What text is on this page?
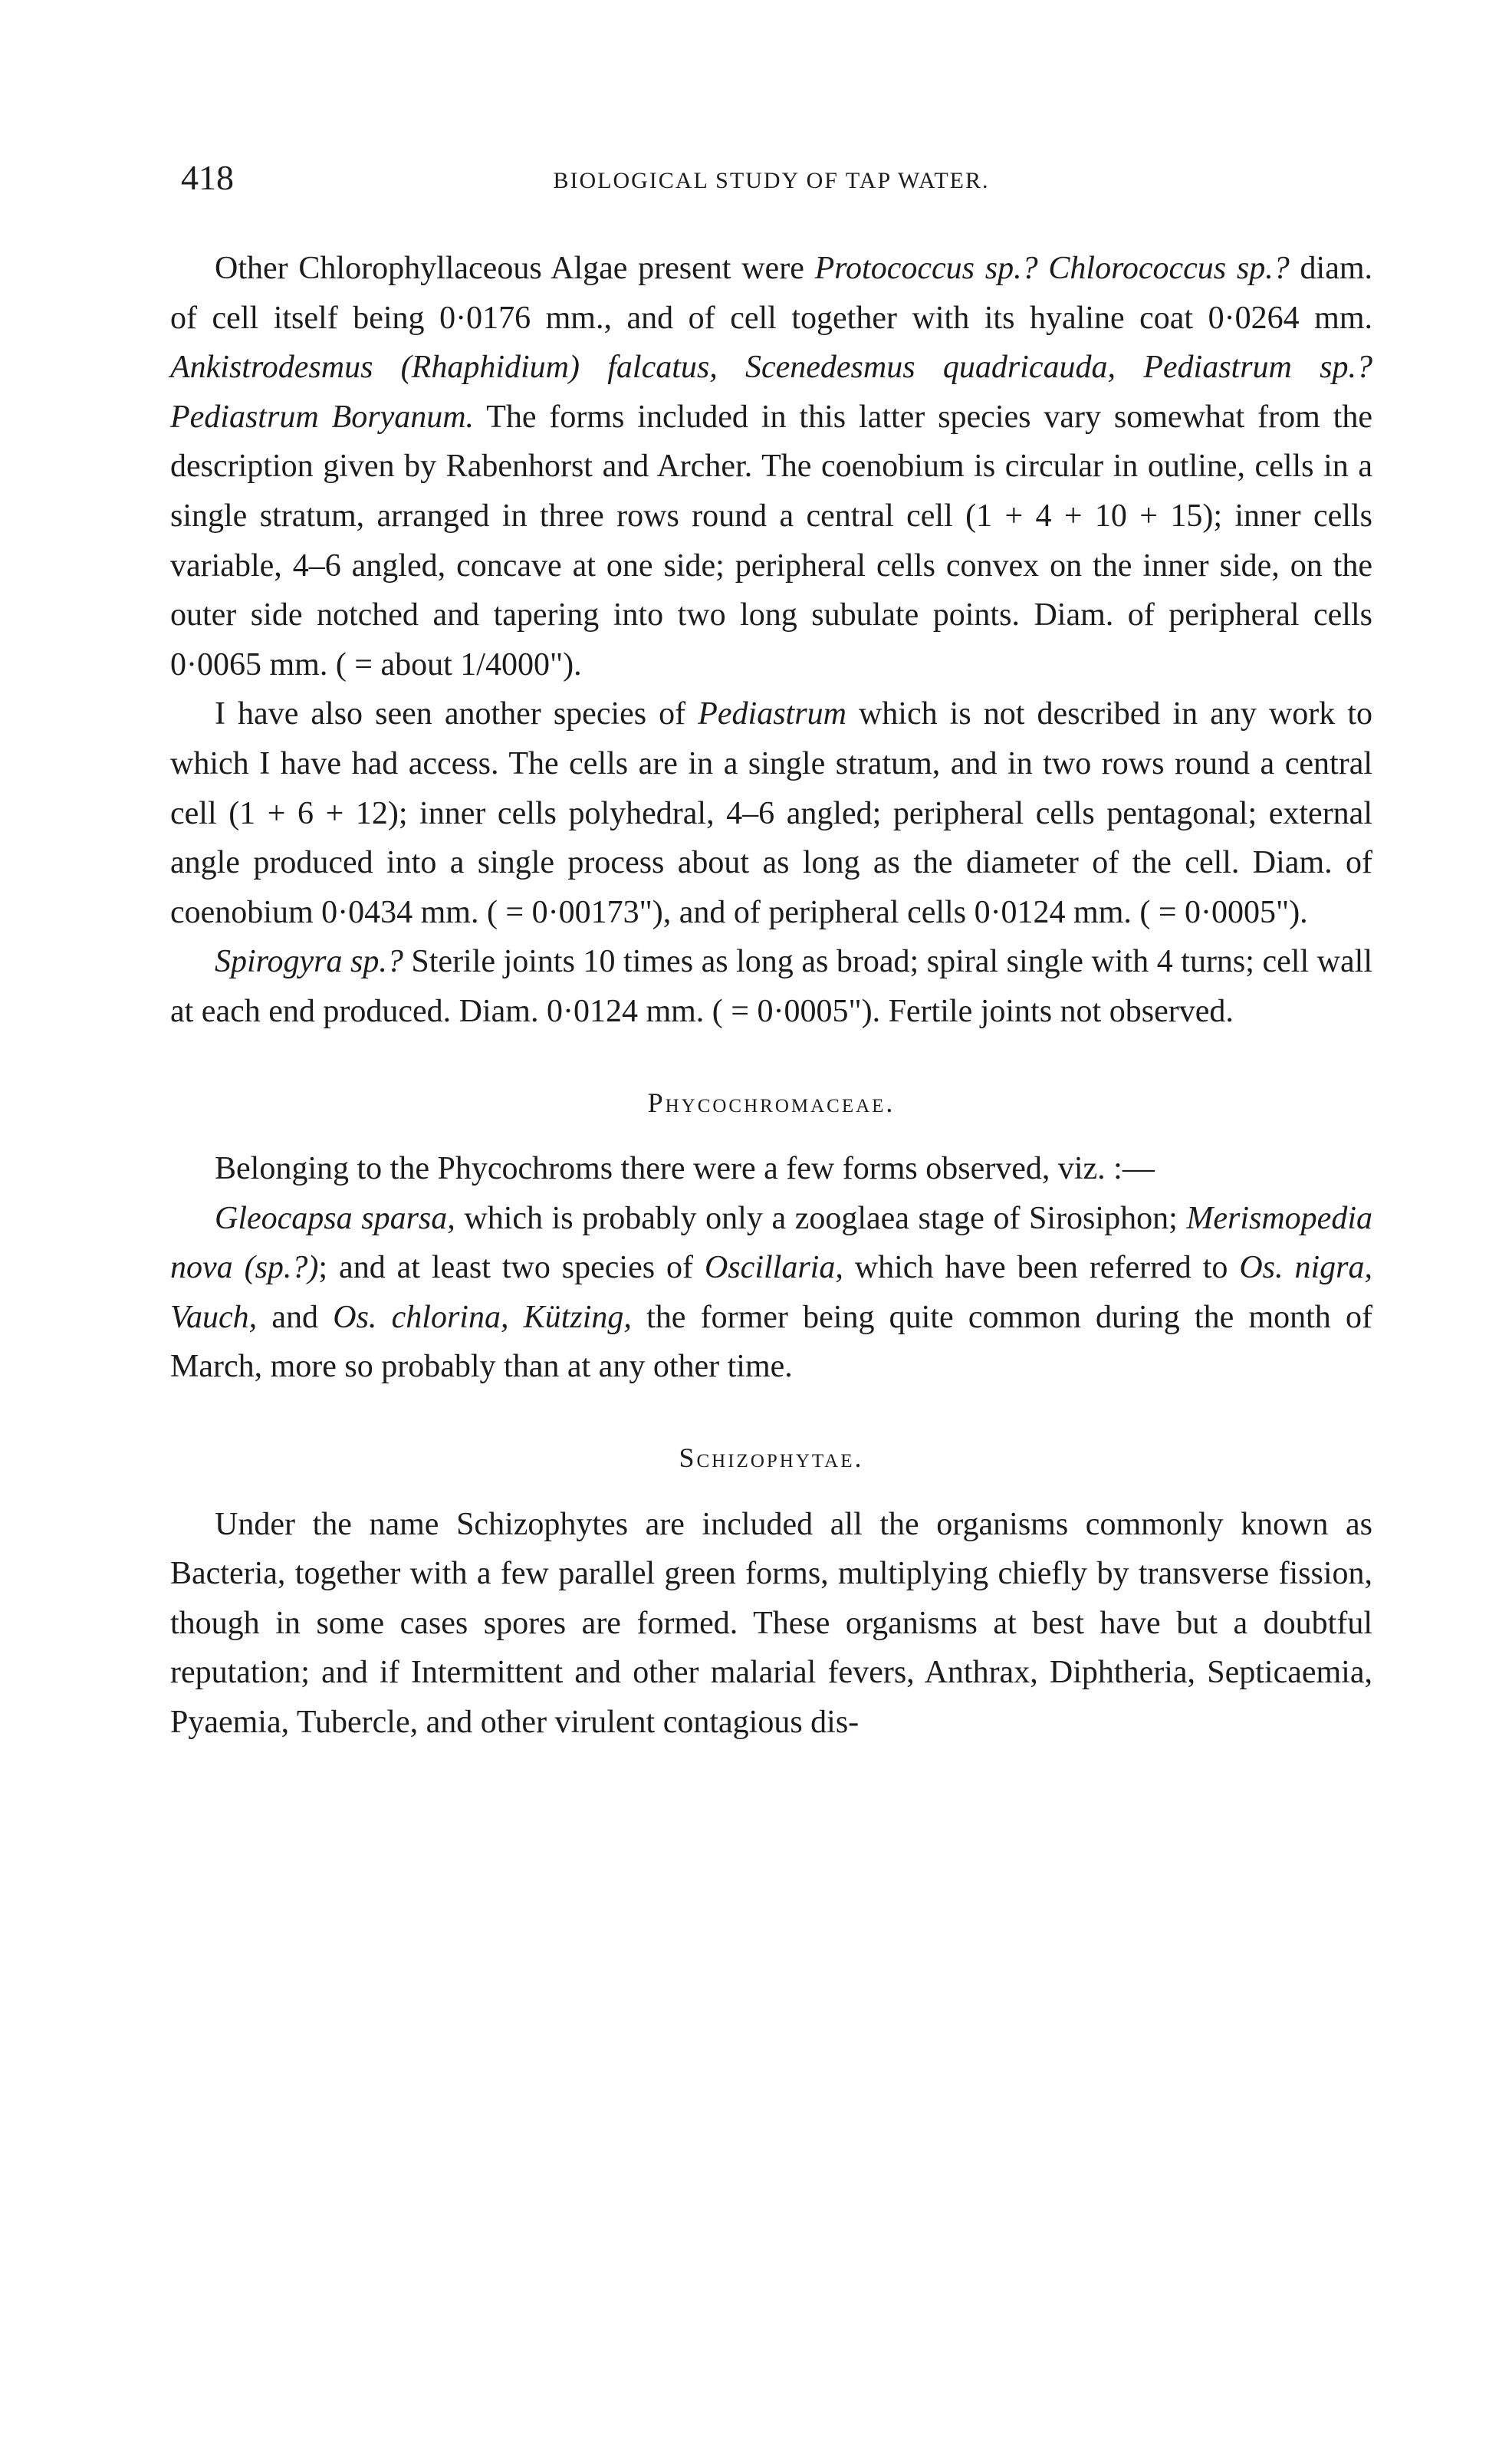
418	BIOLOGICAL STUDY OF TAP WATER.

Other Chlorophyllaceous Algae present were Protococcus sp.? Chlorococcus sp.? diam. of cell itself being 0·0176 mm., and of cell together with its hyaline coat 0·0264 mm. Ankistrodesmus (Rhaphidium) falcatus, Scenedesmus quadricauda, Pediastrum sp.? Pediastrum Boryanum. The forms included in this latter species vary somewhat from the description given by Rabenhorst and Archer. The coenobium is circular in outline, cells in a single stratum, arranged in three rows round a central cell (1 + 4 + 10 + 15); inner cells variable, 4–6 angled, concave at one side; peripheral cells convex on the inner side, on the outer side notched and tapering into two long subulate points. Diam. of peripheral cells 0·0065 mm. ( = about 1/4000").

I have also seen another species of Pediastrum which is not described in any work to which I have had access. The cells are in a single stratum, and in two rows round a central cell (1 + 6 + 12); inner cells polyhedral, 4–6 angled; peripheral cells pentagonal; external angle produced into a single process about as long as the diameter of the cell. Diam. of coenobium 0·0434 mm. ( = 0·00173"), and of peripheral cells 0·0124 mm. ( = 0·0005").

Spirogyra sp.? Sterile joints 10 times as long as broad; spiral single with 4 turns; cell wall at each end produced. Diam. 0·0124 mm. ( = 0·0005"). Fertile joints not observed.

Phycochromaceae.

Belonging to the Phycochroms there were a few forms observed, viz. :—

Gleocapsa sparsa, which is probably only a zooglaea stage of Sirosiphon; Merismopedia nova (sp.?); and at least two species of Oscillaria, which have been referred to Os. nigra, Vauch, and Os. chlorina, Kützing, the former being quite common during the month of March, more so probably than at any other time.

Schizophytae.

Under the name Schizophytes are included all the organisms commonly known as Bacteria, together with a few parallel green forms, multiplying chiefly by transverse fission, though in some cases spores are formed. These organisms at best have but a doubtful reputation; and if Intermittent and other malarial fevers, Anthrax, Diphtheria, Septicaemia, Pyaemia, Tubercle, and other virulent contagious dis-
